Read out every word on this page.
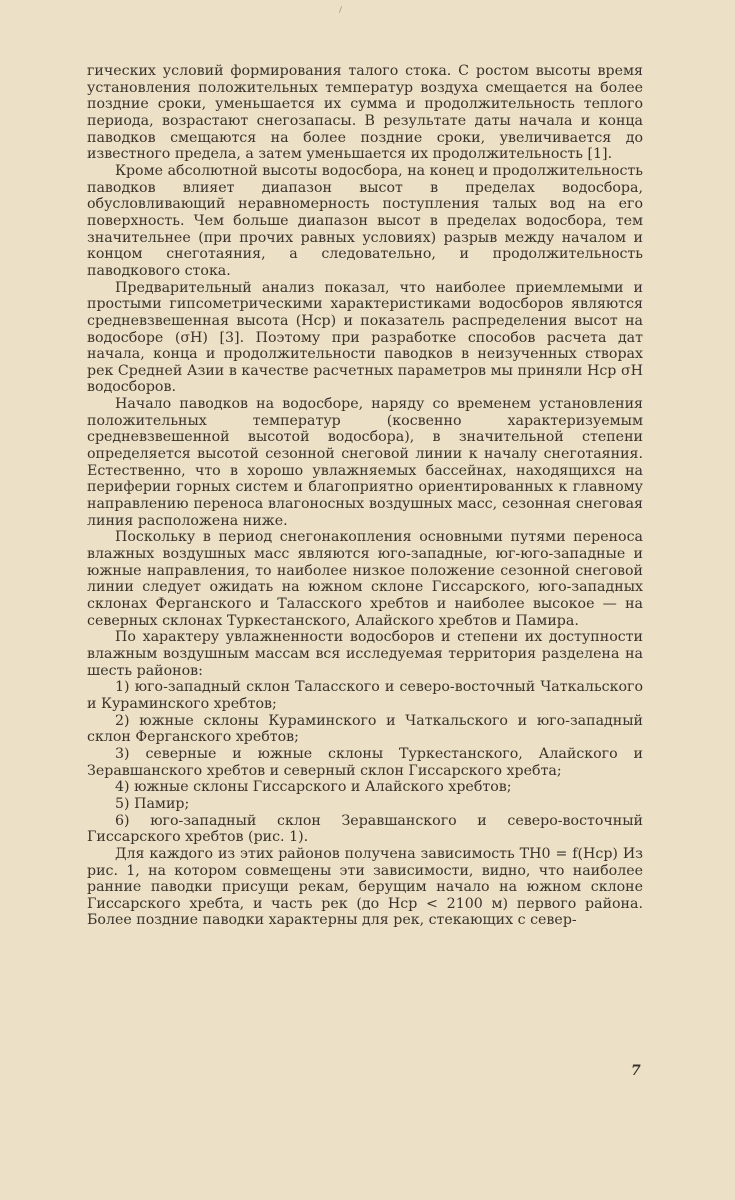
гических условий формирования талого стока. С ростом высоты время установления положительных температур воздуха смещается на более поздние сроки, уменьшается их сумма и продолжительность теплого периода, возрастают снегозапасы. В результате даты начала и конца паводков смещаются на более поздние сроки, увеличивается до известного предела, а затем уменьшается их продолжительность [1].

Кроме абсолютной высоты водосбора, на конец и продолжительность паводков влияет диапазон высот в пределах водосбора, обусловливающий неравномерность поступления талых вод на его поверхность. Чем больше диапазон высот в пределах водосбора, тем значительнее (при прочих равных условиях) разрыв между началом и концом снеготаяния, а следовательно, и продолжительность паводкового стока.

Предварительный анализ показал, что наиболее приемлемыми и простыми гипсометрическими характеристиками водосборов являются средневзвешенная высота (Hср) и показатель распределения высот на водосборе (σH) [3]. Поэтому при разработке способов расчета дат начала, конца и продолжительности паводков в неизученных створах рек Средней Азии в качестве расчетных параметров мы приняли Hср σH водосборов.

Начало паводков на водосборе, наряду со временем установления положительных температур (косвенно характеризуемым средневзвешенной высотой водосбора), в значительной степени определяется высотой сезонной снеговой линии к началу снеготаяния. Естественно, что в хорошо увлажняемых бассейнах, находящихся на периферии горных систем и благоприятно ориентированных к главному направлению переноса влагоносных воздушных масс, сезонная снеговая линия расположена ниже.

Поскольку в период снегонакопления основными путями переноса влажных воздушных масс являются юго-западные, юг-юго-западные и южные направления, то наиболее низкое положение сезонной снеговой линии следует ожидать на южном склоне Гиссарского, юго-западных склонах Ферганского и Таласского хребтов и наиболее высокое — на северных склонах Туркестанского, Алайского хребтов и Памира.

По характеру увлажненности водосборов и степени их доступности влажным воздушным массам вся исследуемая территория разделена на шесть районов:

1) юго-западный склон Таласского и северо-восточный Чаткальского и Кураминского хребтов;

2) южные склоны Кураминского и Чаткальского и юго-западный склон Ферганского хребтов;

3) северные и южные склоны Туркестанского, Алайского и Зеравшанского хребтов и северный склон Гиссарского хребта;

4) южные склоны Гиссарского и Алайского хребтов;

5) Памир;

6) юго-западный склон Зеравшанского и северо-восточный Гиссарского хребтов (рис. 1).

Для каждого из этих районов получена зависимость TH0 = f(Hср) Из рис. 1, на котором совмещены эти зависимости, видно, что наиболее ранние паводки присущи рекам, берущим начало на южном склоне Гиссарского хребта, и часть рек (до Hср < 2100 м) первого района. Более поздние паводки характерны для рек, стекающих с север-

7
